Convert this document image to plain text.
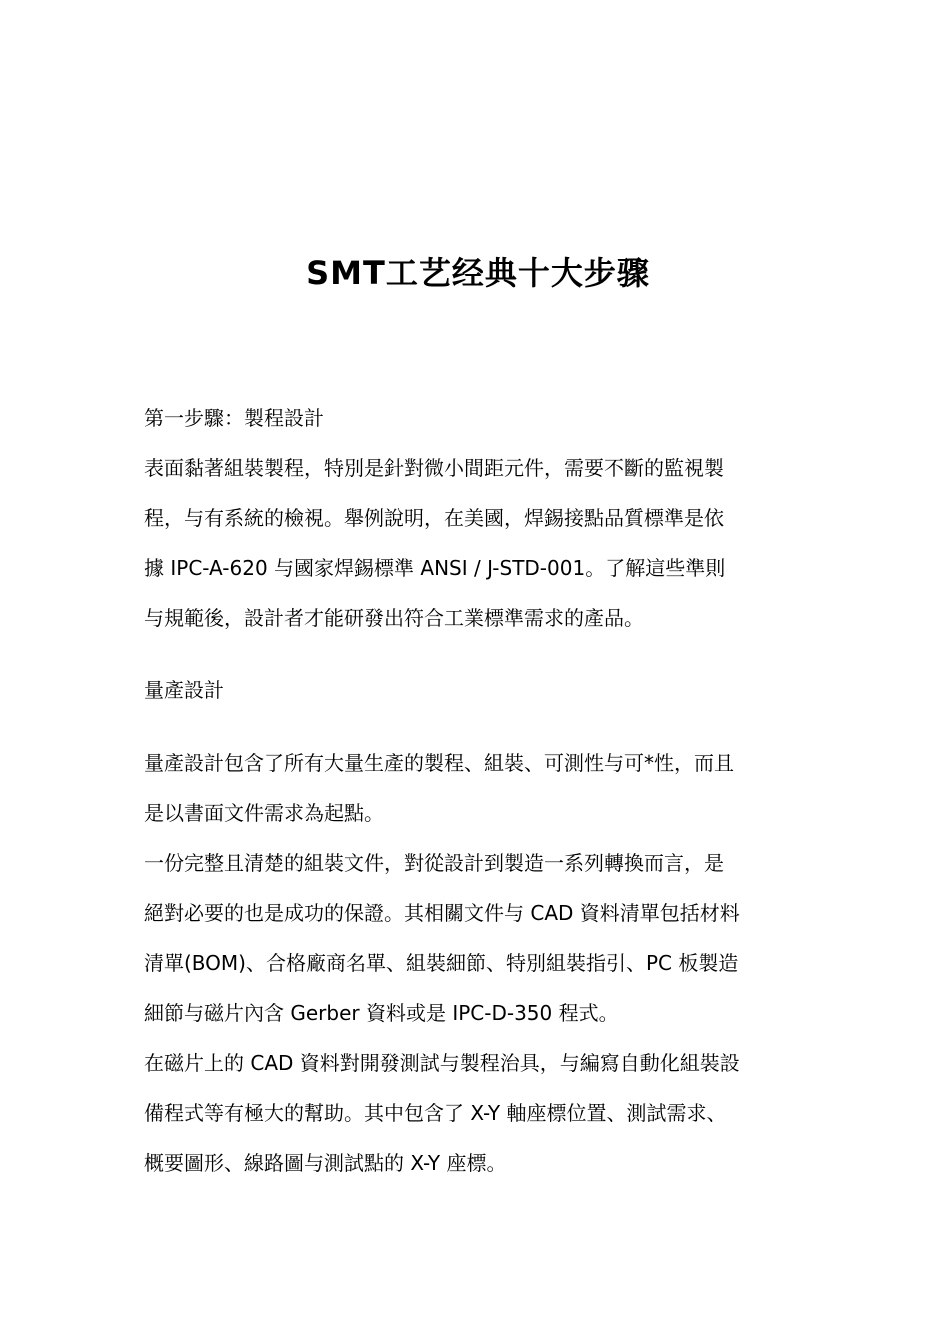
SMT工艺经典十大步骤
第一步驟：製程設計
表面黏著組裝製程，特別是針對微小間距元件，需要不斷的監視製
程，与有系統的檢視。舉例說明，在美國，焊錫接點品質標準是依
據 IPC-A-620 与國家焊錫標準 ANSI / J-STD-001。了解這些準則
与規範後，設計者才能研發出符合工業標準需求的產品。
量產設計
量產設計包含了所有大量生產的製程、組裝、可測性与可*性，而且
是以書面文件需求為起點。
一份完整且清楚的組裝文件，對從設計到製造一系列轉換而言，是
絕對必要的也是成功的保證。其相關文件与 CAD 資料清單包括材料
清單(BOM)、合格廠商名單、組裝細節、特別組裝指引、PC 板製造
細節与磁片內含 Gerber 資料或是 IPC-D-350 程式。
在磁片上的 CAD 資料對開發測試与製程治具，与編寫自動化組裝設
備程式等有極大的幫助。其中包含了 X-Y 軸座標位置、測試需求、
概要圖形、線路圖与測試點的 X-Y 座標。
